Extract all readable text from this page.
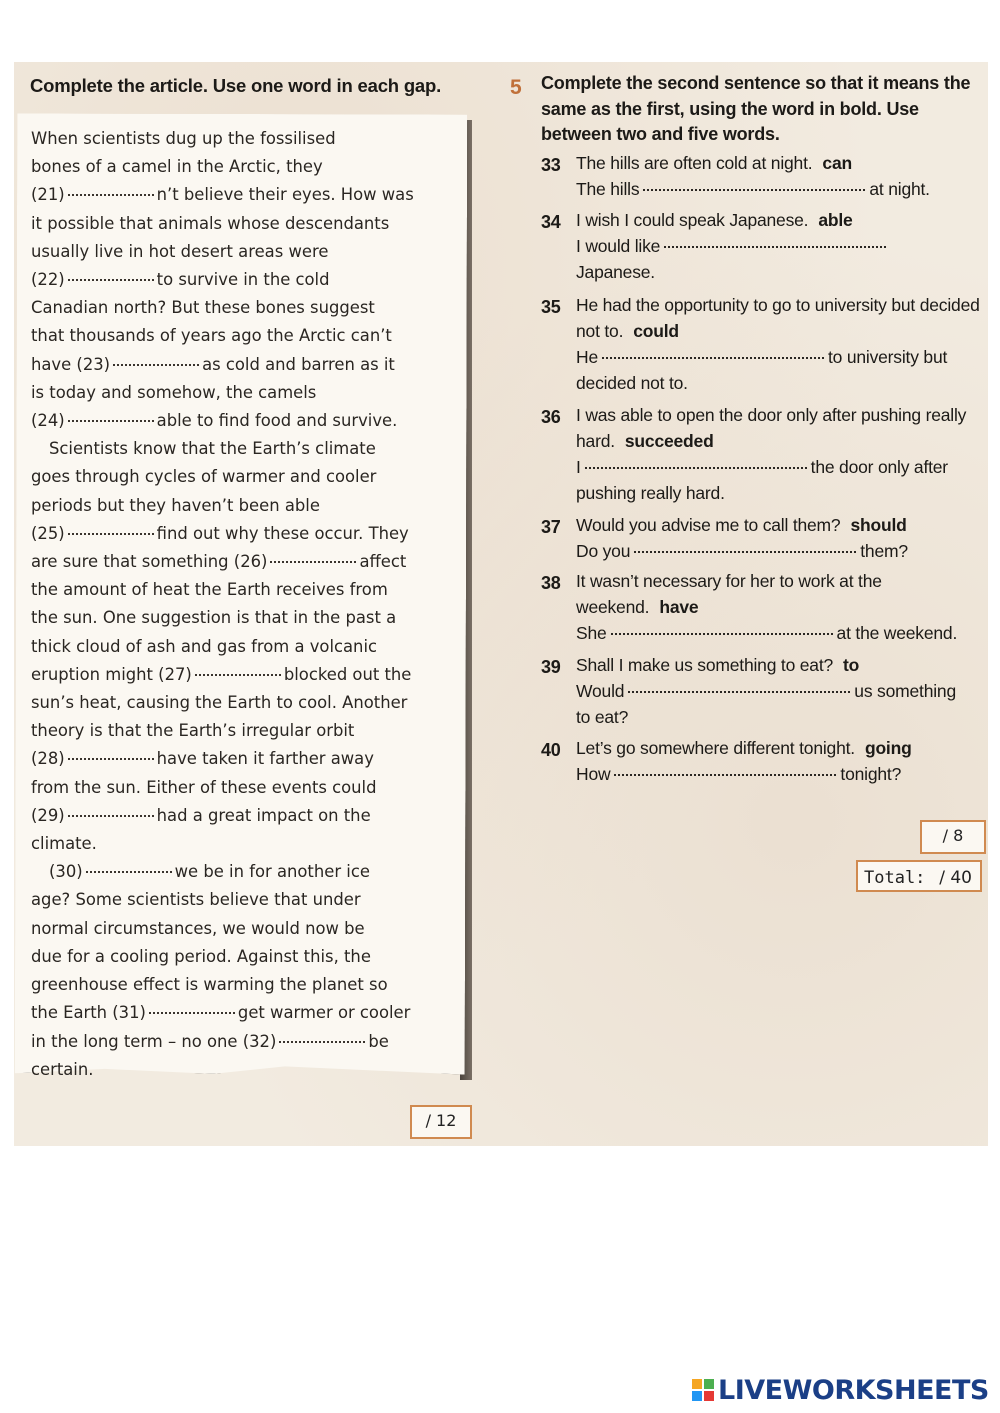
Complete the article. Use one word in each gap.
When scientists dug up the fossilised
bones of a camel in the Arctic, they
(21)	n’t believe their eyes. How was
it possible that animals whose descendants
usually live in hot desert areas were
(22)	to survive in the cold
Canadian north? But these bones suggest
that thousands of years ago the Arctic can’t
have (23)	as cold and barren as it
is today and somehow, the camels
(24)	able to find food and survive.
Scientists know that the Earth’s climate
goes through cycles of warmer and cooler
periods but they haven’t been able
(25)	find out why these occur. They
are sure that something (26)	affect
the amount of heat the Earth receives from
the sun. One suggestion is that in the past a
thick cloud of ash and gas from a volcanic
eruption might (27)	blocked out the
sun’s heat, causing the Earth to cool. Another
theory is that the Earth’s irregular orbit
(28)	have taken it farther away
from the sun. Either of these events could
(29)	had a great impact on the
climate.
(30)	we be in for another ice
age? Some scientists believe that under
normal circumstances, we would now be
due for a cooling period. Against this, the
greenhouse effect is warming the planet so
the Earth (31)	get warmer or cooler
in the long term – no one (32)	be
certain.
/ 12
5 Complete the second sentence so that it means the same as the first, using the word in bold. Use between two and five words.
33 The hills are often cold at night. can
The hills	at night.
34 I wish I could speak Japanese. able
I would like
Japanese.
35 He had the opportunity to go to university but decided not to. could
He	to university but
decided not to.
36 I was able to open the door only after pushing really hard. succeeded
I	the door only after
pushing really hard.
37 Would you advise me to call them? should
Do you	them?
38 It wasn’t necessary for her to work at the weekend. have
She	at the weekend.
39 Shall I make us something to eat? to
Would	us something
to eat?
40 Let’s go somewhere different tonight. going
How	tonight?
/ 8
Total: / 40
LIVEWORKSHEETS
